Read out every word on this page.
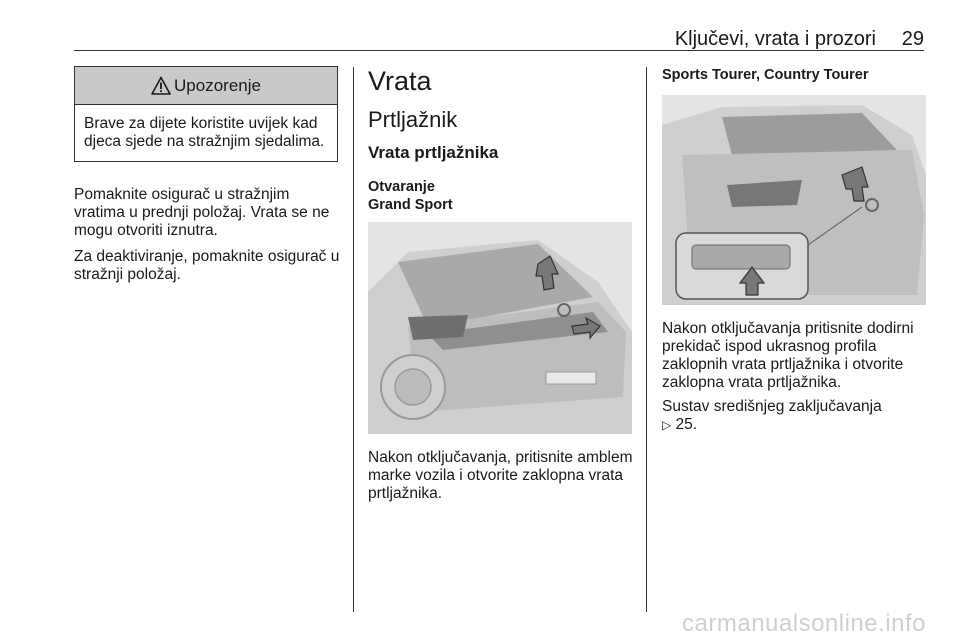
Ključevi, vrata i prozori 29
Upozorenje
Brave za dijete koristite uvijek kad djeca sjede na stražnjim sjedalima.

Pomaknite osigurač u stražnjim vratima u prednji položaj. Vrata se ne mogu otvoriti iznutra.

Za deaktiviranje, pomaknite osigurač u stražnji položaj.

Vrata
Prtljažnik
Vrata prtljažnika
Otvaranje
Grand Sport

Nakon otključavanja, pritisnite amblem marke vozila i otvorite zaklopna vrata prtljažnika.

Sports Tourer, Country Tourer

Nakon otključavanja pritisnite dodirni prekidač ispod ukrasnog profila zaklopnih vrata prtljažnika i otvorite zaklopna vrata prtljažnika.

Sustav središnjeg zaključavanja
▷ 25.

carmanualsonline.info
